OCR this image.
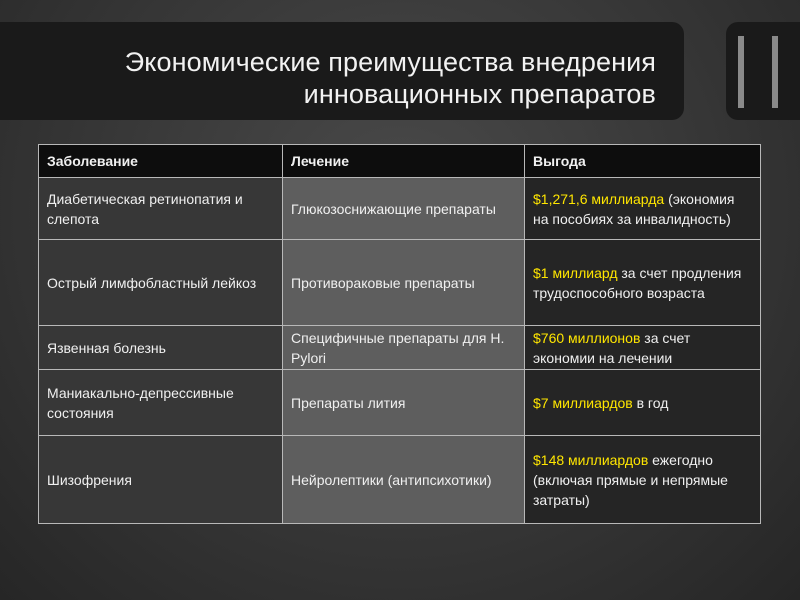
Экономические преимущества внедрения
инновационных препаратов
Заболевание	Лечение	Выгода
Диабетическая ретинопатия и слепота	Глюкозоснижающие препараты	$1,271,6 миллиарда (экономия на пособиях за инвалидность)
Острый лимфобластный лейкоз	Противораковые препараты	$1 миллиард за счет продления трудоспособного возраста
Язвенная болезнь	Специфичные препараты для H. Pylori	$760 миллионов за счет экономии на лечении
Маниакально-депрессивные состояния	Препараты лития	$7 миллиардов в год
Шизофрения	Нейролептики (антипсихотики)	$148 миллиардов ежегодно (включая прямые и непрямые затраты)
